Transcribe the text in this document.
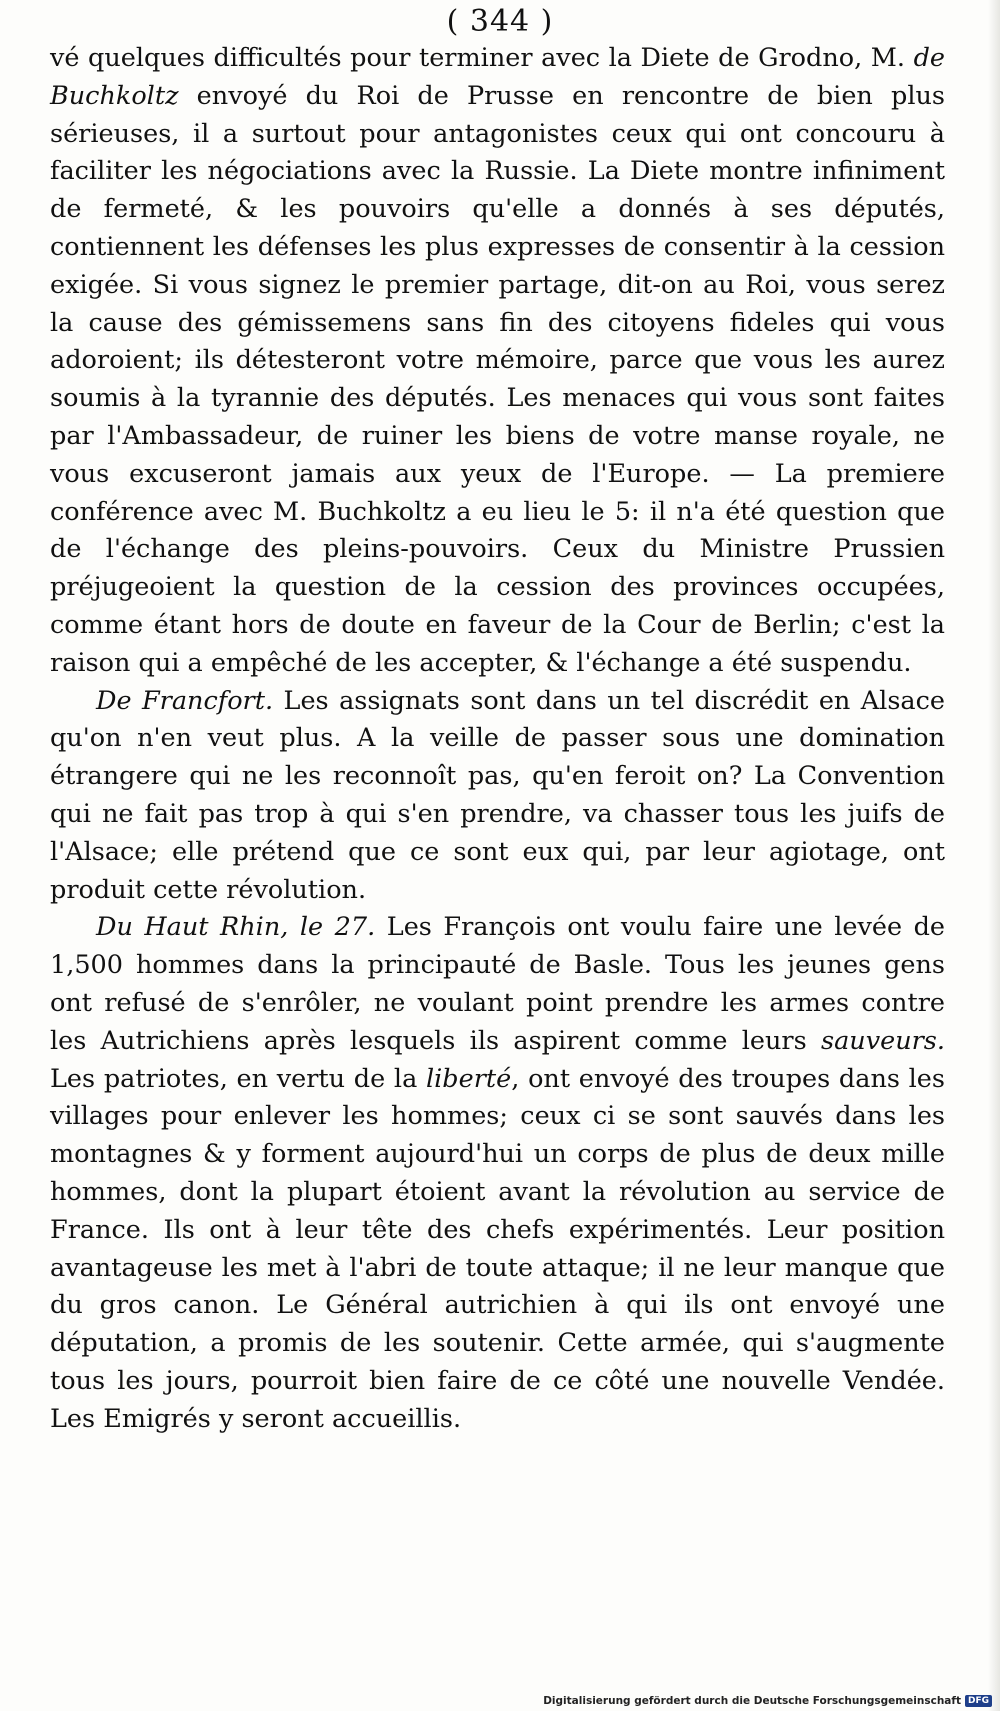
( 344 )

vé quelques difficultés pour terminer avec la Diete de Grodno, M. de Buchkoltz envoyé du Roi de Prusse en rencontre de bien plus sérieuses, il a surtout pour antagonistes ceux qui ont concouru à faciliter les négociations avec la Russie. La Diete montre infiniment de fermeté, & les pouvoirs qu'elle a donnés à ses députés, contiennent les défenses les plus expresses de consentir à la cession exigée. Si vous signez le premier partage, dit-on au Roi, vous serez la cause des gémissemens sans fin des citoyens fideles qui vous adoroient; ils détesteront votre mémoire, parce que vous les aurez soumis à la tyrannie des députés. Les menaces qui vous sont faites par l'Ambassadeur, de ruiner les biens de votre manse royale, ne vous excuseront jamais aux yeux de l'Europe. — La premiere conférence avec M. Buchkoltz a eu lieu le 5: il n'a été question que de l'échange des pleins-pouvoirs. Ceux du Ministre Prussien préjugeoient la question de la cession des provinces occupées, comme étant hors de doute en faveur de la Cour de Berlin; c'est la raison qui a empêché de les accepter, & l'échange a été suspendu.

De Francfort. Les assignats sont dans un tel discrédit en Alsace qu'on n'en veut plus. A la veille de passer sous une domination étrangere qui ne les reconnoît pas, qu'en feroit on? La Convention qui ne fait pas trop à qui s'en prendre, va chasser tous les juifs de l'Alsace; elle prétend que ce sont eux qui, par leur agiotage, ont produit cette révolution.

Du Haut Rhin, le 27. Les François ont voulu faire une levée de 1,500 hommes dans la principauté de Basle. Tous les jeunes gens ont refusé de s'enrôler, ne voulant point prendre les armes contre les Autrichiens après lesquels ils aspirent comme leurs sauveurs. Les patriotes, en vertu de la liberté, ont envoyé des troupes dans les villages pour enlever les hommes; ceux ci se sont sauvés dans les montagnes & y forment aujourd'hui un corps de plus de deux mille hommes, dont la plupart étoient avant la révolution au service de France. Ils ont à leur tête des chefs expérimentés. Leur position avantageuse les met à l'abri de toute attaque; il ne leur manque que du gros canon. Le Général autrichien à qui ils ont envoyé une députation, a promis de les soutenir. Cette armée, qui s'augmente tous les jours, pourroit bien faire de ce côté une nouvelle Vendée. Les Emigrés y seront accueillis.

Digitalisierung gefördert durch die Deutsche Forschungsgemeinschaft DFG
